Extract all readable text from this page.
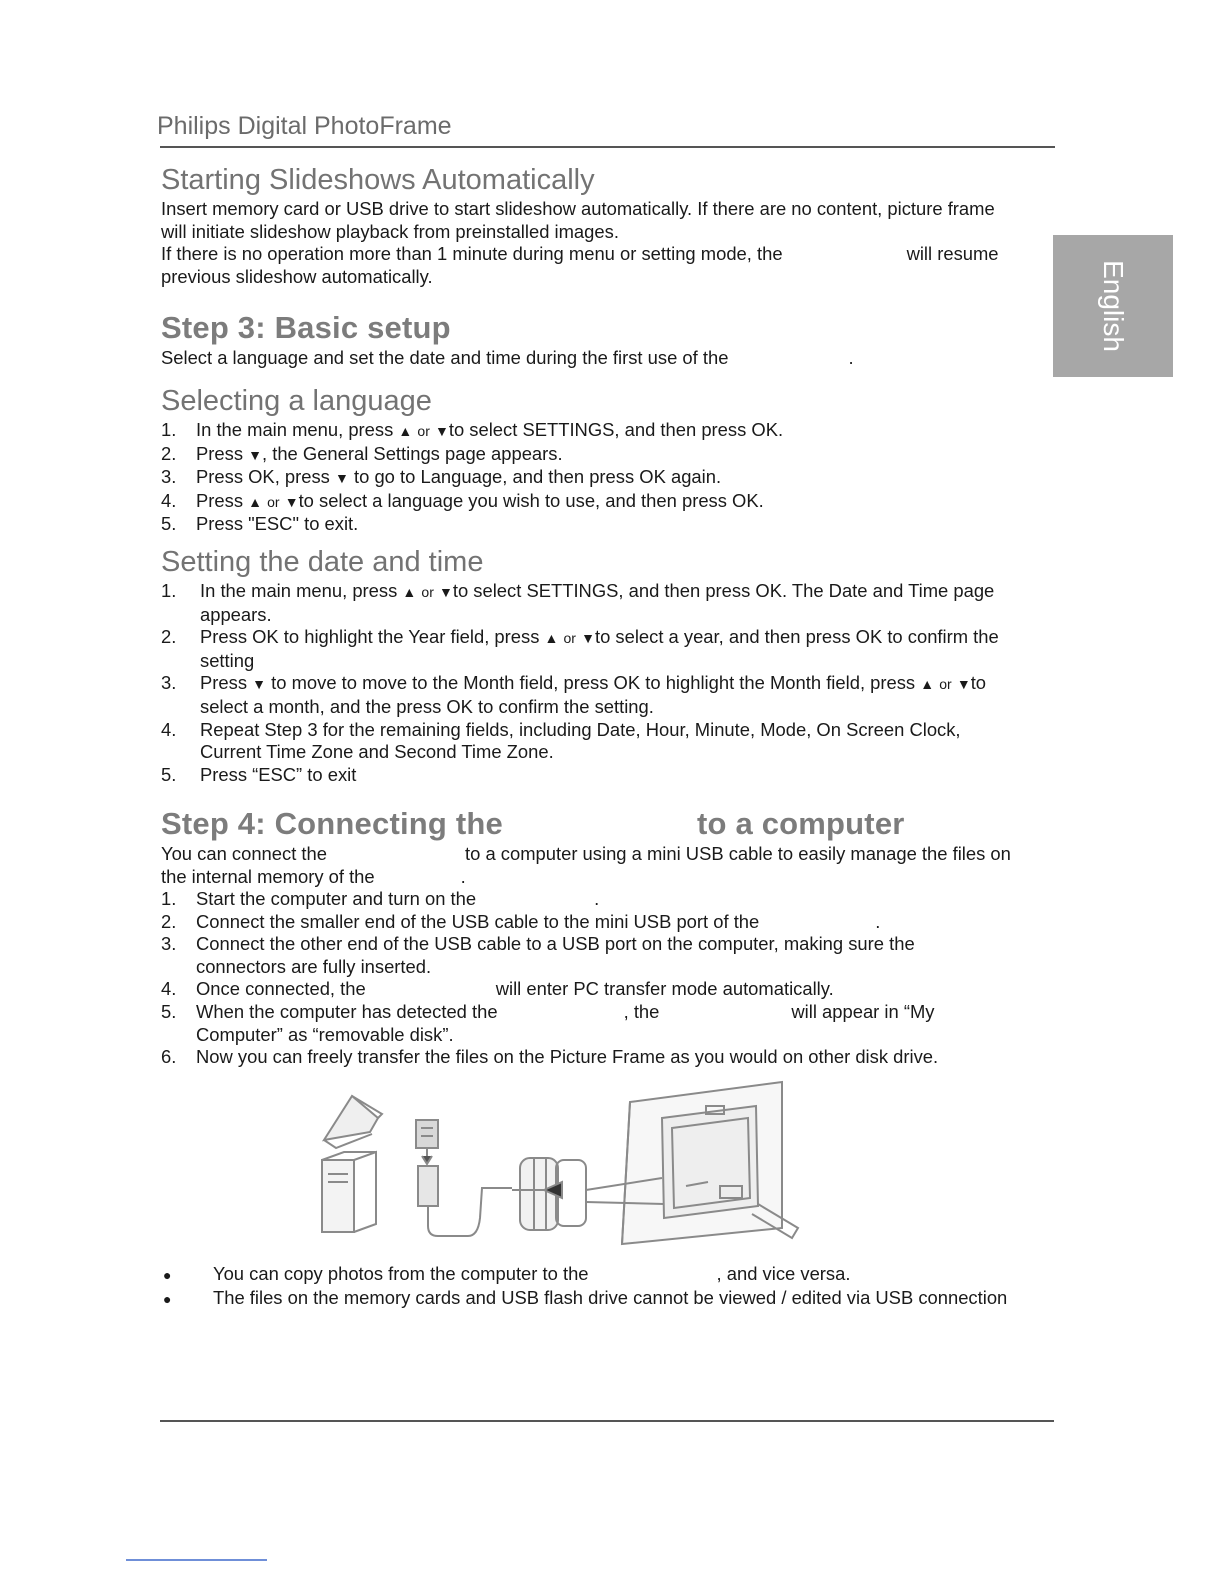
Philips Digital PhotoFrame
English
Starting Slideshows Automatically
Insert memory card or USB drive to start slideshow automatically. If there are no content, picture frame
will initiate slideshow playback from preinstalled images.
If there is no operation more than 1 minute during menu or setting mode, the	will resume
previous slideshow automatically.
Step 3: Basic setup
Select a language and set the date and time during the first use of the	.
Selecting a language
1. In the main menu, press ▲ or ▼to select SETTINGS, and then press OK.
2. Press ▼, the General Settings page appears.
3. Press OK, press ▼ to go to Language, and then press OK again.
4. Press ▲ or ▼to select a language you wish to use, and then press OK.
5. Press "ESC" to exit.
Setting the date and time
1. In the main menu, press ▲ or ▼to select SETTINGS, and then press OK. The Date and Time page
appears.
2. Press OK to highlight the Year field, press ▲ or ▼to select a year, and then press OK to confirm the
setting
3. Press ▼ to move to move to the Month field, press OK to highlight the Month field, press ▲ or ▼to
select a month, and the press OK to confirm the setting.
4. Repeat Step 3 for the remaining fields, including Date, Hour, Minute, Mode, On Screen Clock,
Current Time Zone and Second Time Zone.
5. Press “ESC” to exit
Step 4: Connecting the	to a computer
You can connect the	to a computer using a mini USB cable to easily manage the files on
the internal memory of the	.
1. Start the computer and turn on the	.
2. Connect the smaller end of the USB cable to the mini USB port of the	.
3. Connect the other end of the USB cable to a USB port on the computer, making sure the
connectors are fully inserted.
4. Once connected, the	will enter PC transfer mode automatically.
5. When the computer has detected the	, the	will appear in “My
Computer” as “removable disk”.
6. Now you can freely transfer the files on the Picture Frame as you would on other disk drive.
● You can copy photos from the computer to the	, and vice versa.
● The files on the memory cards and USB flash drive cannot be viewed / edited via USB connection
